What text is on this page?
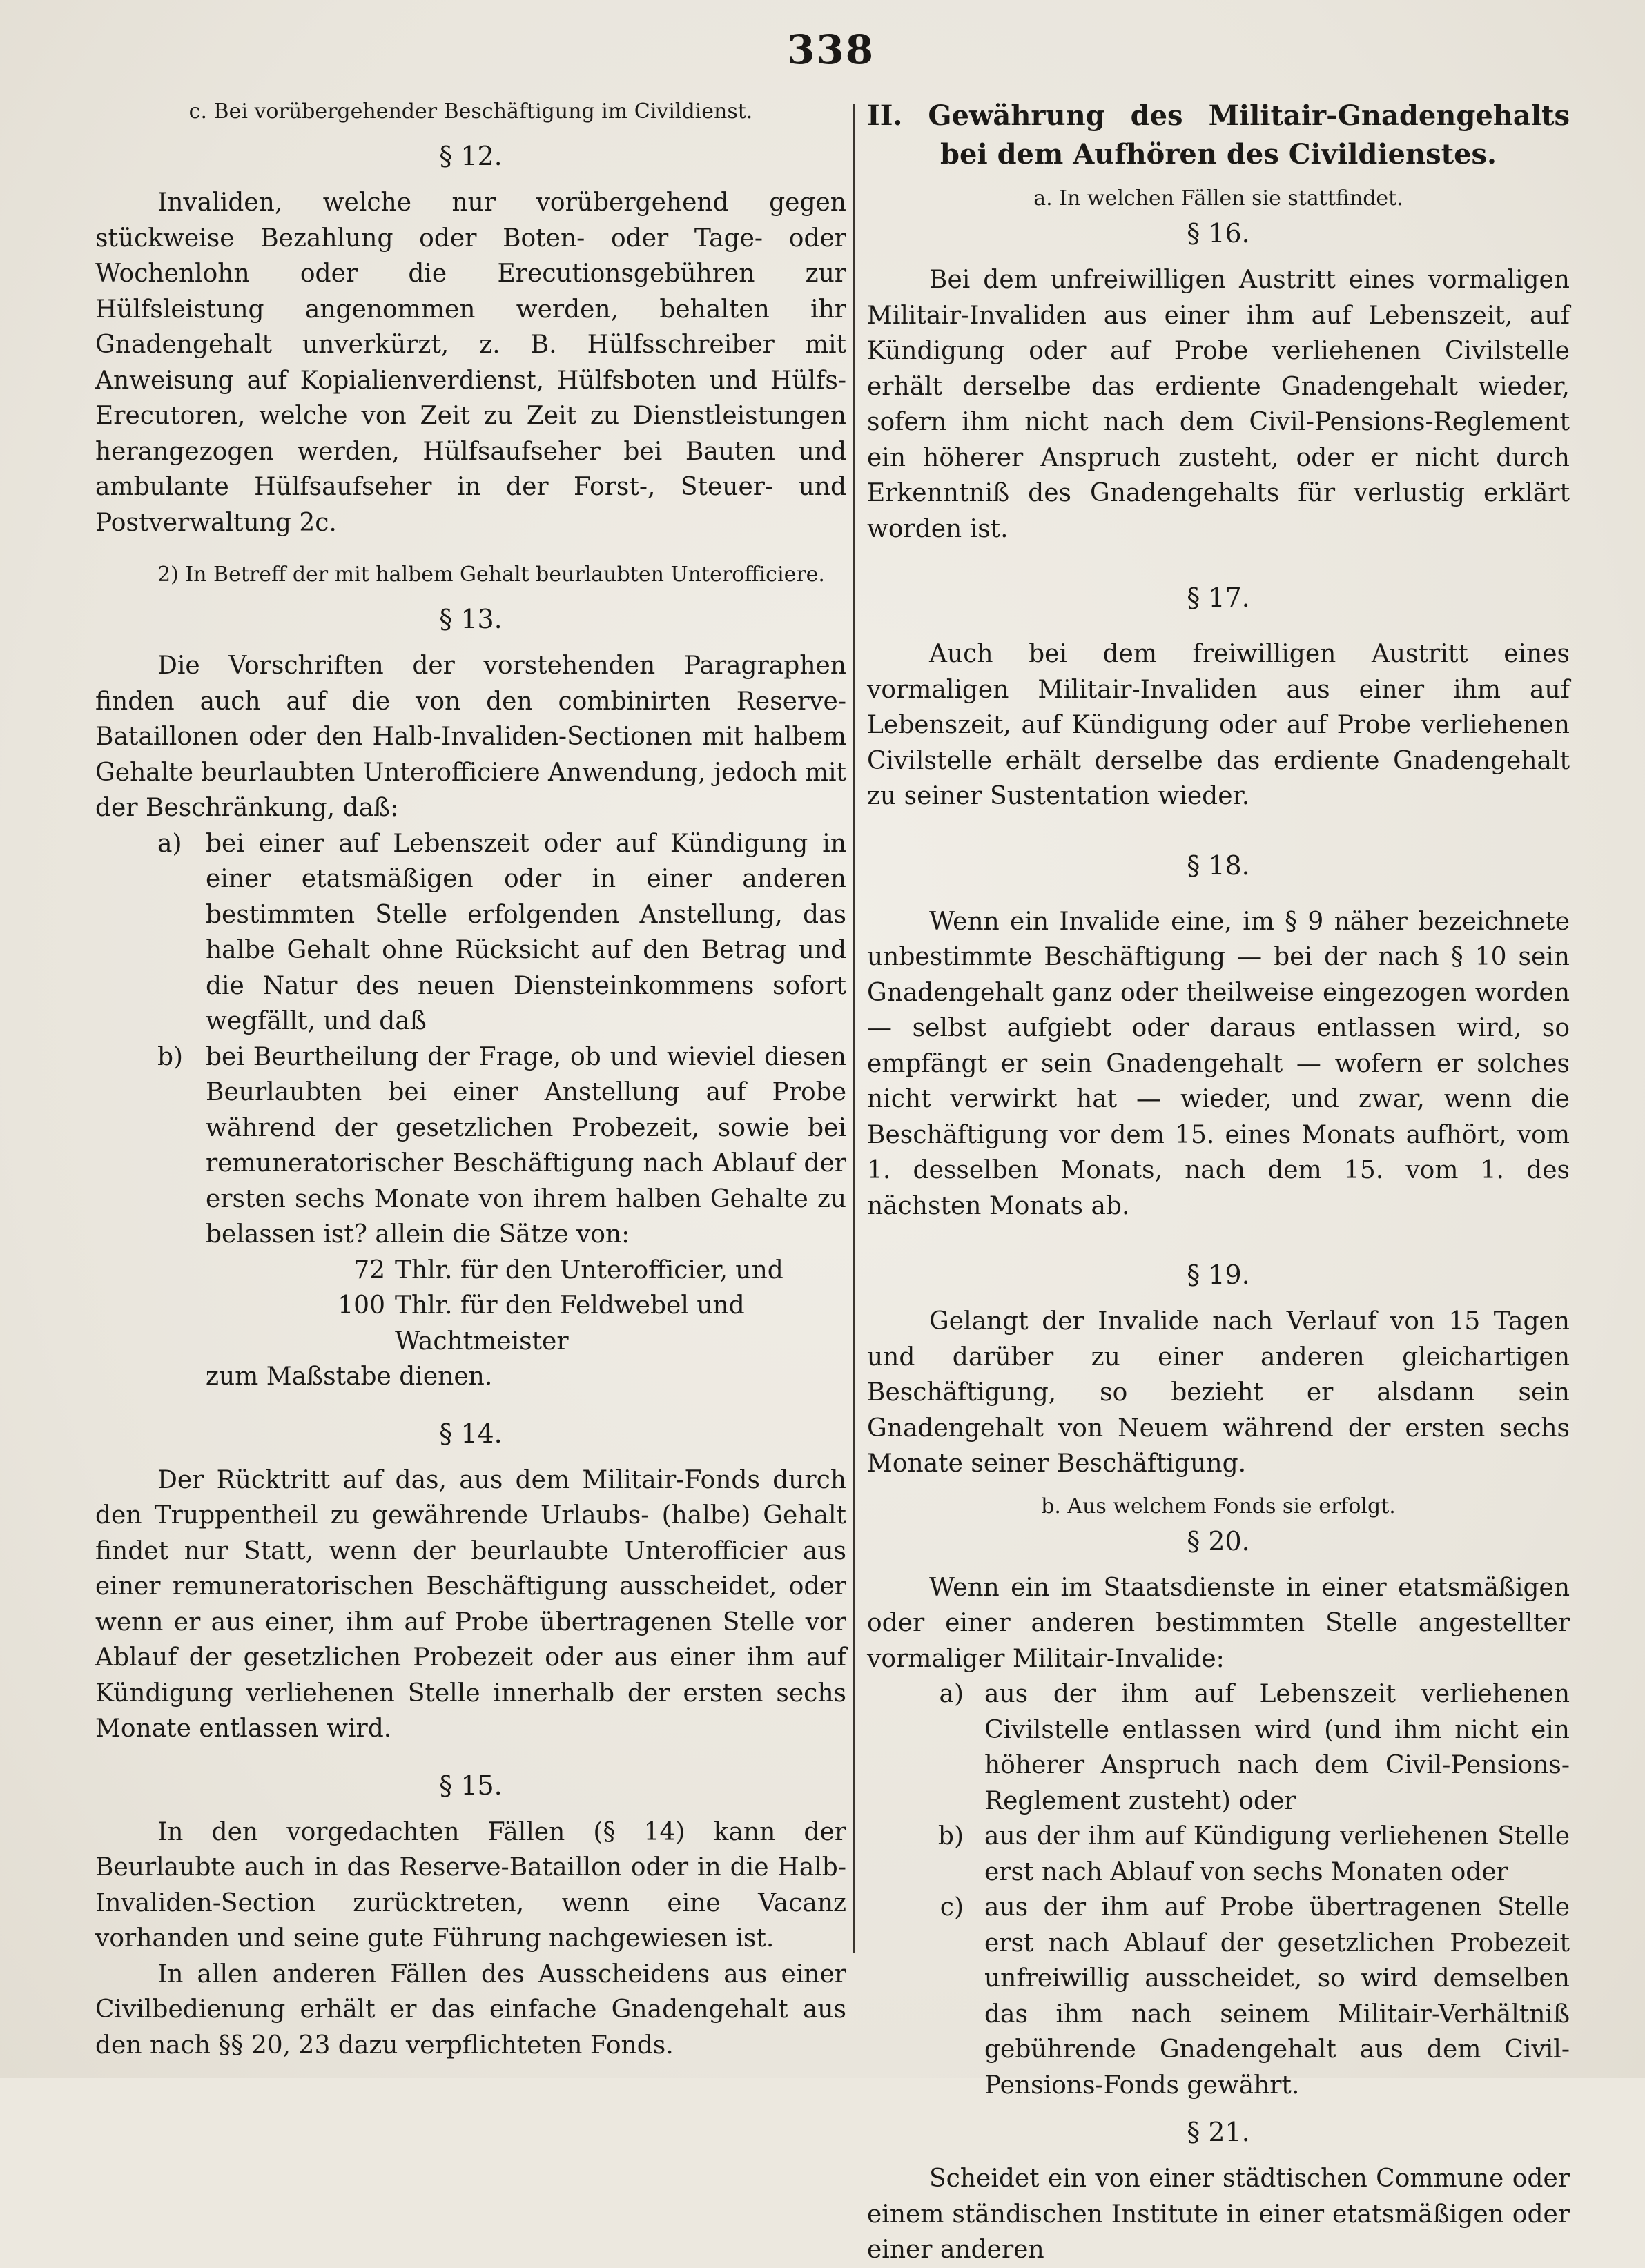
338

c. Bei vorübergehender Beschäftigung im Civildienst.

§ 12.

Invaliden, welche nur vorübergehend gegen stückweise Bezahlung oder Boten- oder Tage- oder Wochenlohn oder die Erecutionsgebühren zur Hülfsleistung angenommen werden, behalten ihr Gnadengehalt unverkürzt, z. B. Hülfsschreiber mit Anweisung auf Kopialienverdienst, Hülfsboten und Hülfs-Erecutoren, welche von Zeit zu Zeit zu Dienstleistungen herangezogen werden, Hülfsaufseher bei Bauten und ambulante Hülfsaufseher in der Forst-, Steuer- und Postverwaltung 2c.

2) In Betreff der mit halbem Gehalt beurlaubten Unterofficiere.

§ 13.

Die Vorschriften der vorstehenden Paragraphen finden auch auf die von den combinirten Reserve-Bataillonen oder den Halb-Invaliden-Sectionen mit halbem Gehalte beurlaubten Unterofficiere Anwendung, jedoch mit der Beschränkung, daß:

a) bei einer auf Lebenszeit oder auf Kündigung in einer etatsmäßigen oder in einer anderen bestimmten Stelle erfolgenden Anstellung, das halbe Gehalt ohne Rücksicht auf den Betrag und die Natur des neuen Diensteinkommens sofort wegfällt, und daß
b) bei Beurtheilung der Frage, ob und wieviel diesen Beurlaubten bei einer Anstellung auf Probe während der gesetzlichen Probezeit, sowie bei remuneratorischer Beschäftigung nach Ablauf der ersten sechs Monate von ihrem halben Gehalte zu belassen ist? allein die Sätze von:
72 Thlr. für den Unterofficier, und
100 Thlr. für den Feldwebel und Wachtmeister
zum Maßstabe dienen.

§ 14.

Der Rücktritt auf das, aus dem Militair-Fonds durch den Truppentheil zu gewährende Urlaubs- (halbe) Gehalt findet nur Statt, wenn der beurlaubte Unterofficier aus einer remuneratorischen Beschäftigung ausscheidet, oder wenn er aus einer, ihm auf Probe übertragenen Stelle vor Ablauf der gesetzlichen Probezeit oder aus einer ihm auf Kündigung verliehenen Stelle innerhalb der ersten sechs Monate entlassen wird.

§ 15.

In den vorgedachten Fällen (§ 14) kann der Beurlaubte auch in das Reserve-Bataillon oder in die Halb-Invaliden-Section zurücktreten, wenn eine Vacanz vorhanden und seine gute Führung nachgewiesen ist.

In allen anderen Fällen des Ausscheidens aus einer Civilbedienung erhält er das einfache Gnadengehalt aus den nach §§ 20, 23 dazu verpflichteten Fonds.

II. Gewährung des Militair-Gnadengehalts bei dem Aufhören des Civildienstes.

a. In welchen Fällen sie stattfindet.

§ 16.

Bei dem unfreiwilligen Austritt eines vormaligen Militair-Invaliden aus einer ihm auf Lebenszeit, auf Kündigung oder auf Probe verliehenen Civilstelle erhält derselbe das erdiente Gnadengehalt wieder, sofern ihm nicht nach dem Civil-Pensions-Reglement ein höherer Anspruch zusteht, oder er nicht durch Erkenntniß des Gnadengehalts für verlustig erklärt worden ist.

§ 17.

Auch bei dem freiwilligen Austritt eines vormaligen Militair-Invaliden aus einer ihm auf Lebenszeit, auf Kündigung oder auf Probe verliehenen Civilstelle erhält derselbe das erdiente Gnadengehalt zu seiner Sustentation wieder.

§ 18.

Wenn ein Invalide eine, im § 9 näher bezeichnete unbestimmte Beschäftigung — bei der nach § 10 sein Gnadengehalt ganz oder theilweise eingezogen worden — selbst aufgiebt oder daraus entlassen wird, so empfängt er sein Gnadengehalt — wofern er solches nicht verwirkt hat — wieder, und zwar, wenn die Beschäftigung vor dem 15. eines Monats aufhört, vom 1. desselben Monats, nach dem 15. vom 1. des nächsten Monats ab.

§ 19.

Gelangt der Invalide nach Verlauf von 15 Tagen und darüber zu einer anderen gleichartigen Beschäftigung, so bezieht er alsdann sein Gnadengehalt von Neuem während der ersten sechs Monate seiner Beschäftigung.

b. Aus welchem Fonds sie erfolgt.

§ 20.

Wenn ein im Staatsdienste in einer etatsmäßigen oder einer anderen bestimmten Stelle angestellter vormaliger Militair-Invalide:

a) aus der ihm auf Lebenszeit verliehenen Civilstelle entlassen wird (und ihm nicht ein höherer Anspruch nach dem Civil-Pensions-Reglement zusteht) oder
b) aus der ihm auf Kündigung verliehenen Stelle erst nach Ablauf von sechs Monaten oder
c) aus der ihm auf Probe übertragenen Stelle erst nach Ablauf der gesetzlichen Probezeit unfreiwillig ausscheidet, so wird demselben das ihm nach seinem Militair-Verhältniß gebührende Gnadengehalt aus dem Civil-Pensions-Fonds gewährt.

§ 21.

Scheidet ein von einer städtischen Commune oder einem ständischen Institute in einer etatsmäßigen oder einer anderen
